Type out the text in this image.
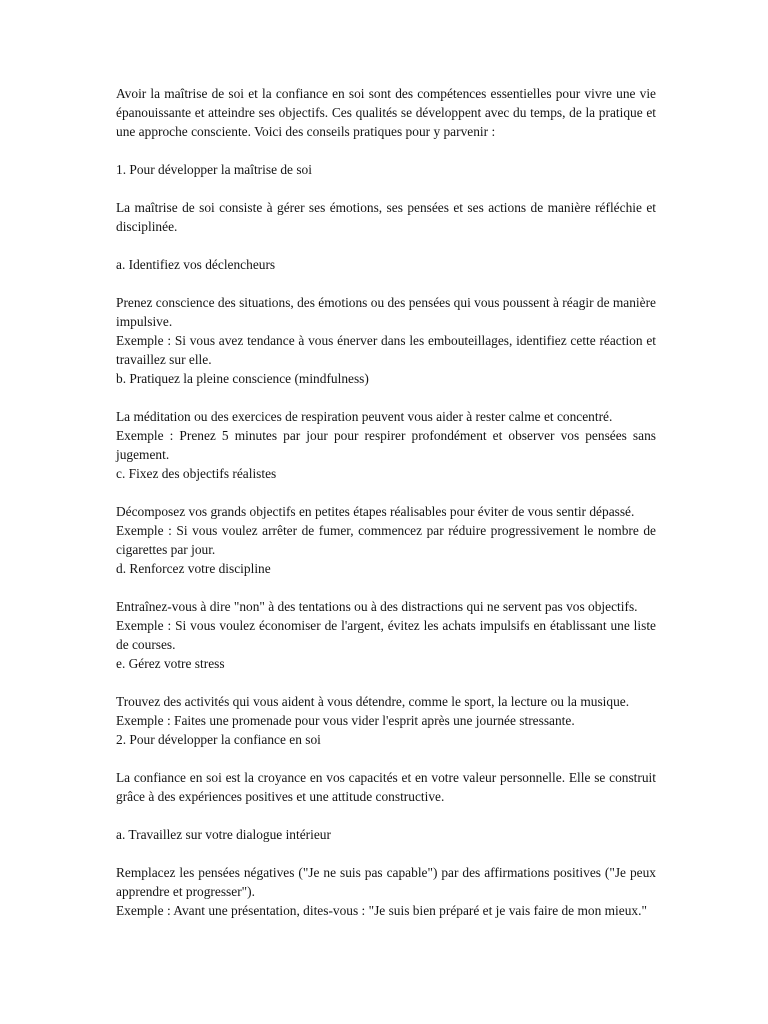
Avoir la maîtrise de soi et la confiance en soi sont des compétences essentielles pour vivre une vie épanouissante et atteindre ses objectifs. Ces qualités se développent avec du temps, de la pratique et une approche consciente. Voici des conseils pratiques pour y parvenir :

1. Pour développer la maîtrise de soi

La maîtrise de soi consiste à gérer ses émotions, ses pensées et ses actions de manière réfléchie et disciplinée.

a. Identifiez vos déclencheurs

Prenez conscience des situations, des émotions ou des pensées qui vous poussent à réagir de manière impulsive.

Exemple : Si vous avez tendance à vous énerver dans les embouteillages, identifiez cette réaction et travaillez sur elle.

b. Pratiquez la pleine conscience (mindfulness)

La méditation ou des exercices de respiration peuvent vous aider à rester calme et concentré.

Exemple : Prenez 5 minutes par jour pour respirer profondément et observer vos pensées sans jugement.

c. Fixez des objectifs réalistes

Décomposez vos grands objectifs en petites étapes réalisables pour éviter de vous sentir dépassé.

Exemple : Si vous voulez arrêter de fumer, commencez par réduire progressivement le nombre de cigarettes par jour.

d. Renforcez votre discipline

Entraînez-vous à dire "non" à des tentations ou à des distractions qui ne servent pas vos objectifs.

Exemple : Si vous voulez économiser de l'argent, évitez les achats impulsifs en établissant une liste de courses.

e. Gérez votre stress

Trouvez des activités qui vous aident à vous détendre, comme le sport, la lecture ou la musique.

Exemple : Faites une promenade pour vous vider l'esprit après une journée stressante.

2. Pour développer la confiance en soi

La confiance en soi est la croyance en vos capacités et en votre valeur personnelle. Elle se construit grâce à des expériences positives et une attitude constructive.

a. Travaillez sur votre dialogue intérieur

Remplacez les pensées négatives ("Je ne suis pas capable") par des affirmations positives ("Je peux apprendre et progresser").

Exemple : Avant une présentation, dites-vous : "Je suis bien préparé et je vais faire de mon mieux."
